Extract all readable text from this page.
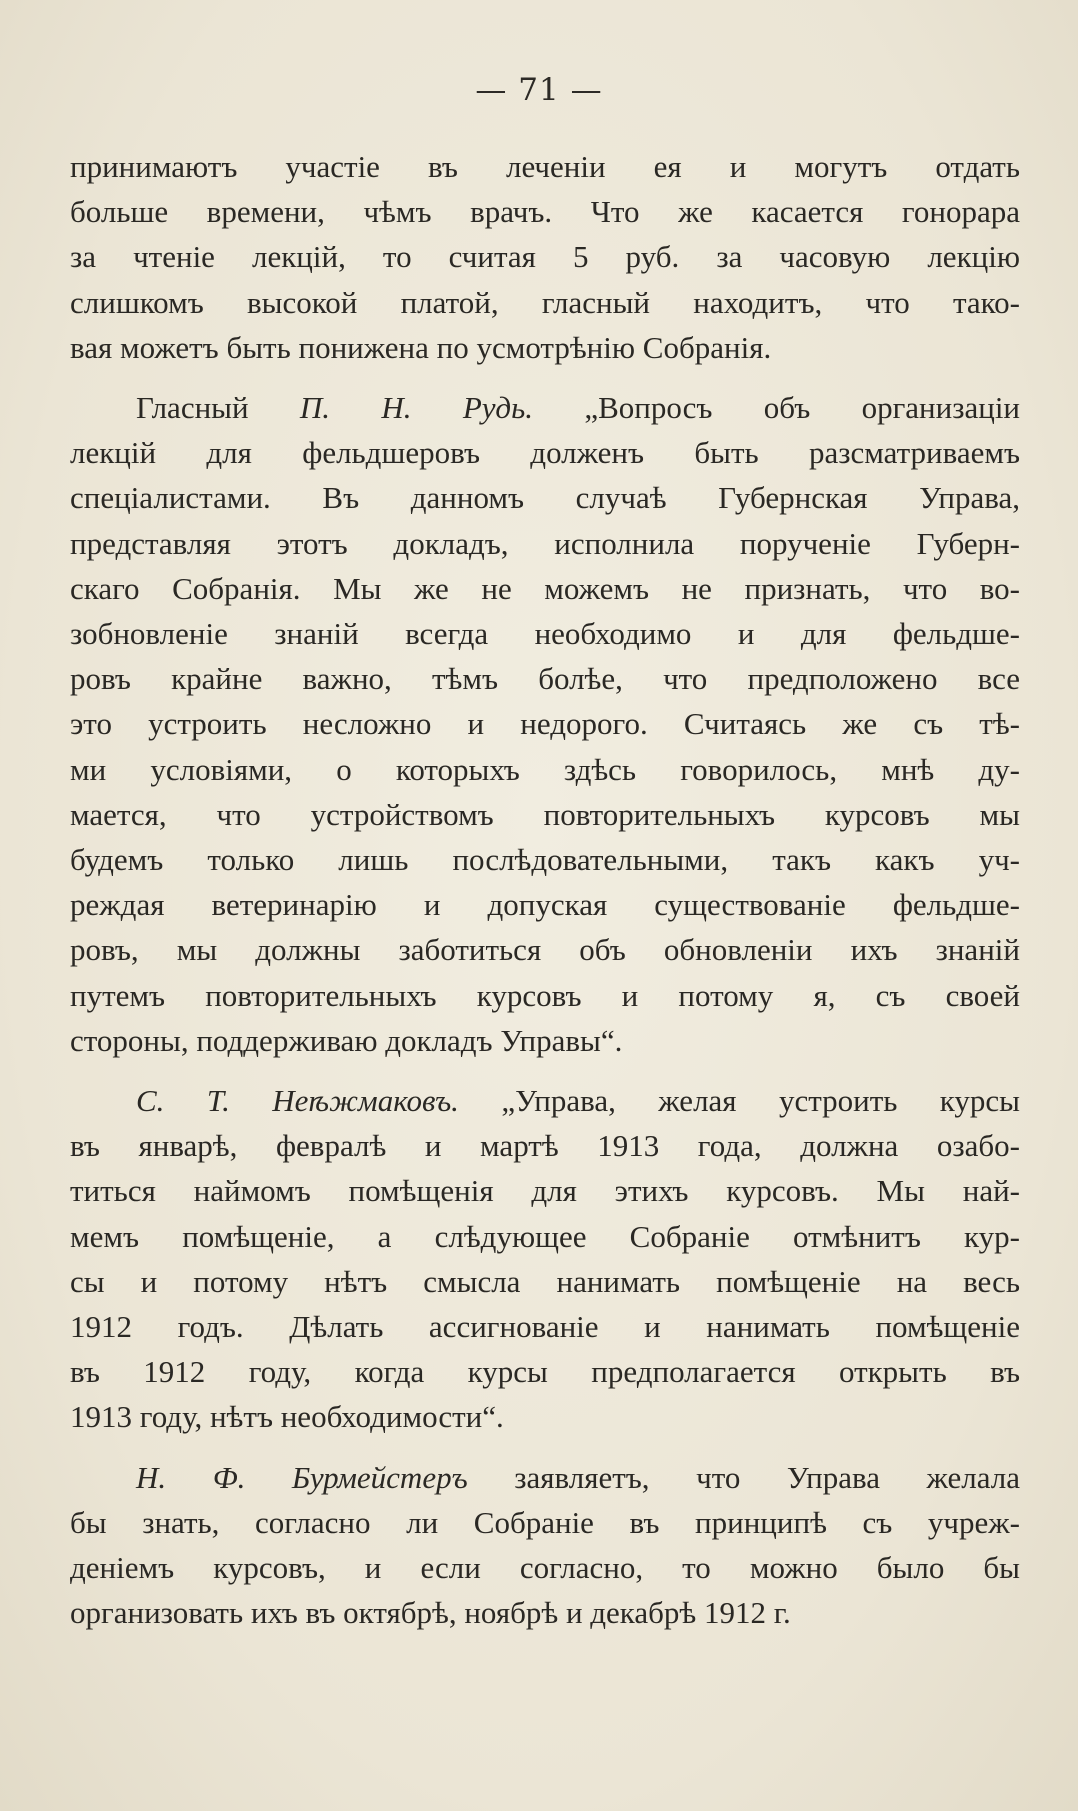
— 71 —
принимаютъ участіе въ леченіи ея и могутъ отдать
больше времени, чѣмъ врачъ. Что же касается гонорара
за чтеніе лекцій, то считая 5 руб. за часовую лекцію
слишкомъ высокой платой, гласный находитъ, что тако-
вая можетъ быть понижена по усмотрѣнію Собранія.
Гласный П. Н. Рудь. „Вопросъ объ организаціи
лекцій для фельдшеровъ долженъ быть разсматриваемъ
спеціалистами. Въ данномъ случаѣ Губернская Управа,
представляя этотъ докладъ, исполнила порученіе Губерн-
скаго Собранія. Мы же не можемъ не признать, что во-
зобновленіе знаній всегда необходимо и для фельдше-
ровъ крайне важно, тѣмъ болѣе, что предположено все
это устроить несложно и недорого. Считаясь же съ тѣ-
ми условіями, о которыхъ здѣсь говорилось, мнѣ ду-
мается, что устройствомъ повторительныхъ курсовъ мы
будемъ только лишь послѣдовательными, такъ какъ уч-
реждая ветеринарію и допуская существованіе фельдше-
ровъ, мы должны заботиться объ обновленіи ихъ знаній
путемъ повторительныхъ курсовъ и потому я, съ своей
стороны, поддерживаю докладъ Управы“.
С. Т. Неѣжмаковъ. „Управа, желая устроить курсы
въ январѣ, февралѣ и мартѣ 1913 года, должна озабо-
титься наймомъ помѣщенія для этихъ курсовъ. Мы най-
мемъ помѣщеніе, а слѣдующее Собраніе отмѣнитъ кур-
сы и потому нѣтъ смысла нанимать помѣщеніе на весь
1912 годъ. Дѣлать ассигнованіе и нанимать помѣщеніе
въ 1912 году, когда курсы предполагается открыть въ
1913 году, нѣтъ необходимости“.
Н. Ф. Бурмейстеръ заявляетъ, что Управа желала
бы знать, согласно ли Собраніе въ принципѣ съ учреж-
деніемъ курсовъ, и если согласно, то можно было бы
организовать ихъ въ октябрѣ, ноябрѣ и декабрѣ 1912 г.
